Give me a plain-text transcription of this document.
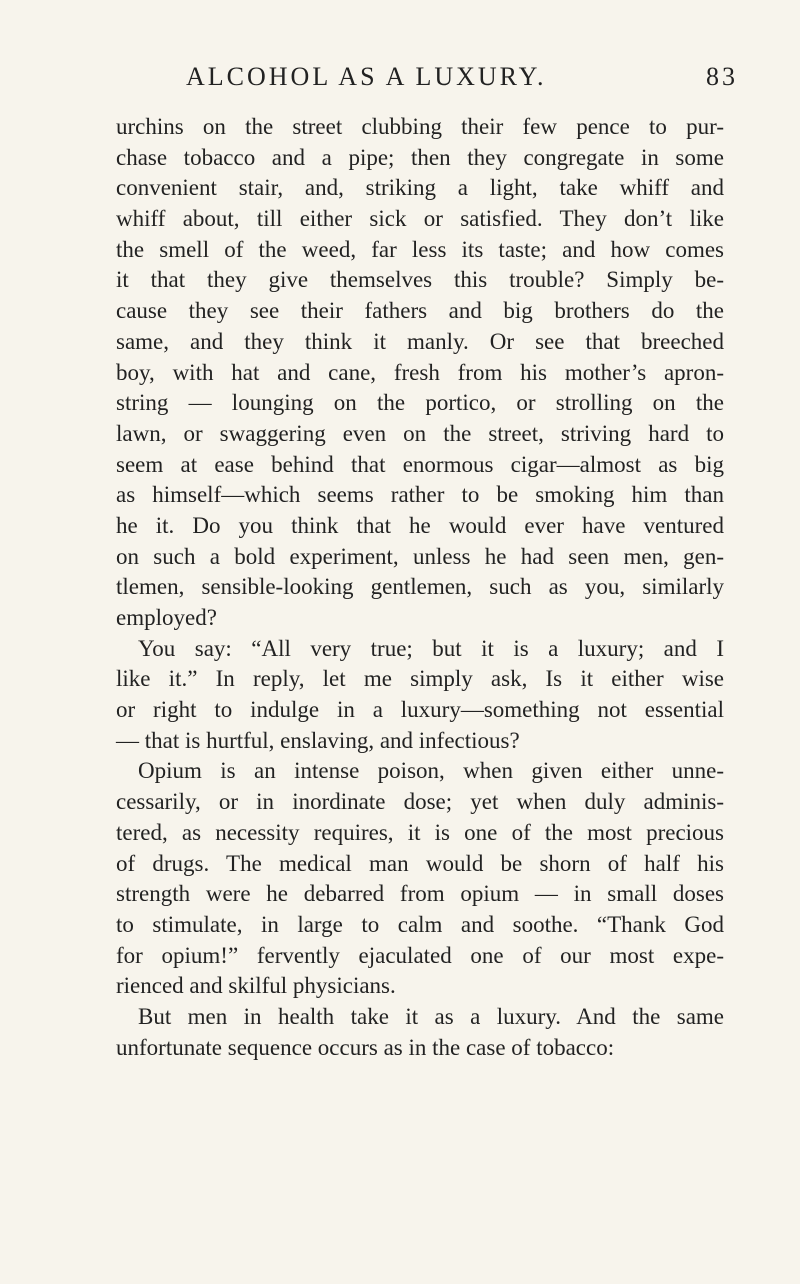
ALCOHOL AS A LUXURY.	83
urchins on the street clubbing their few pence to pur-
chase tobacco and a pipe; then they congregate in some
convenient stair, and, striking a light, take whiff and
whiff about, till either sick or satisfied. They don’t like
the smell of the weed, far less its taste; and how comes
it that they give themselves this trouble? Simply be-
cause they see their fathers and big brothers do the
same, and they think it manly. Or see that breeched
boy, with hat and cane, fresh from his mother’s apron-
string — lounging on the portico, or strolling on the
lawn, or swaggering even on the street, striving hard to
seem at ease behind that enormous cigar—almost as big
as himself—which seems rather to be smoking him than
he it. Do you think that he would ever have ventured
on such a bold experiment, unless he had seen men, gen-
tlemen, sensible-looking gentlemen, such as you, similarly
employed?
You say: “All very true; but it is a luxury; and I
like it.” In reply, let me simply ask, Is it either wise
or right to indulge in a luxury—something not essential
— that is hurtful, enslaving, and infectious?
Opium is an intense poison, when given either unne-
cessarily, or in inordinate dose; yet when duly adminis-
tered, as necessity requires, it is one of the most precious
of drugs. The medical man would be shorn of half his
strength were he debarred from opium — in small doses
to stimulate, in large to calm and soothe. “Thank God
for opium!” fervently ejaculated one of our most expe-
rienced and skilful physicians.
But men in health take it as a luxury. And the same
unfortunate sequence occurs as in the case of tobacco:
